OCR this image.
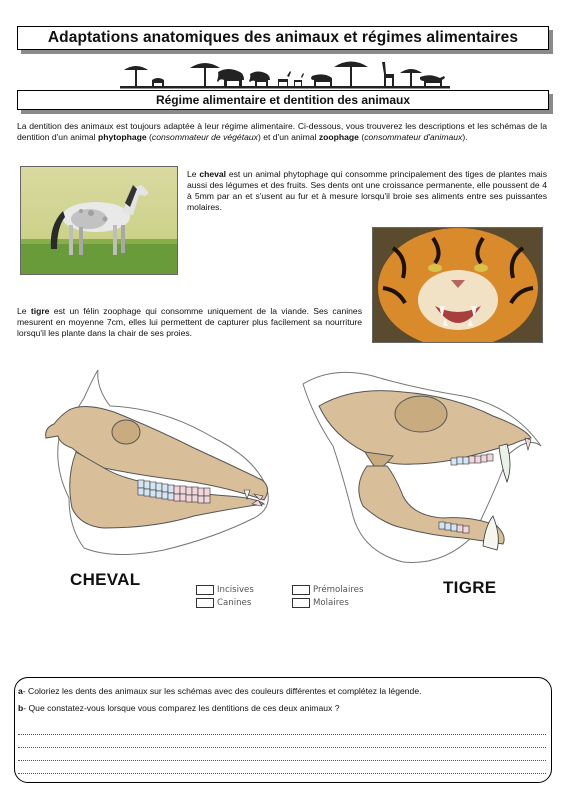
Adaptations anatomiques des animaux et régimes alimentaires
Régime alimentaire et dentition des animaux
La dentition des animaux est toujours adaptée à leur régime alimentaire. Ci-dessous, vous trouverez les descriptions et les schémas de la dentition d'un animal phytophage (consommateur de végétaux) et d'un animal zoophage (consommateur d'animaux).
Le cheval est un animal phytophage qui consomme principalement des tiges de plantes mais aussi des légumes et des fruits. Ses dents ont une croissance permanente, elle poussent de 4 à 5mm par an et s'usent au fur et à mesure lorsqu'il broie ses aliments entre ses puissantes molaires.
Le tigre est un félin zoophage qui consomme uniquement de la viande. Ses canines mesurent en moyenne 7cm, elles lui permettent de capturer plus facilement sa nourriture lorsqu'il les plante dans la chair de ses proies.
CHEVAL	TIGRE
Incisives
Canines
Prémolaires
Molaires
a- Coloriez les dents des animaux sur les schémas avec des couleurs différentes et complétez la légende.
b- Que constatez-vous lorsque vous comparez les dentitions de ces deux animaux ?
